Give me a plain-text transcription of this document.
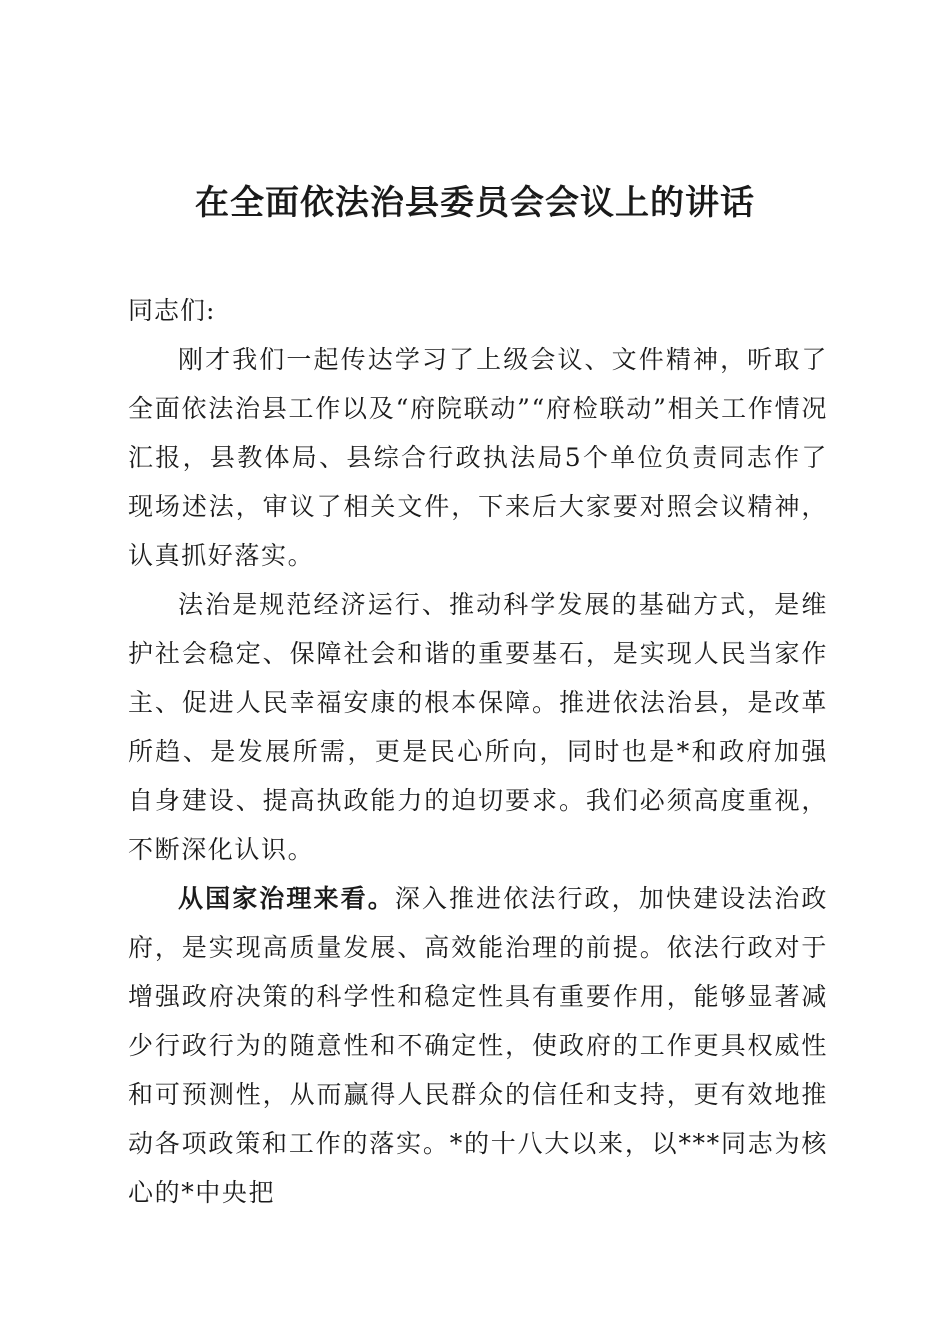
在全面依法治县委员会会议上的讲话

同志们:

刚才我们一起传达学习了上级会议、文件精神，听取了全面依法治县工作以及“府院联动”“府检联动”相关工作情况汇报，县教体局、县综合行政执法局5个单位负责同志作了现场述法，审议了相关文件，下来后大家要对照会议精神，认真抓好落实。

法治是规范经济运行、推动科学发展的基础方式，是维护社会稳定、保障社会和谐的重要基石，是实现人民当家作主、促进人民幸福安康的根本保障。推进依法治县，是改革所趋、是发展所需，更是民心所向，同时也是*和政府加强自身建设、提高执政能力的迫切要求。我们必须高度重视，不断深化认识。

从国家治理来看。深入推进依法行政，加快建设法治政府，是实现高质量发展、高效能治理的前提。依法行政对于增强政府决策的科学性和稳定性具有重要作用，能够显著减少行政行为的随意性和不确定性，使政府的工作更具权威性和可预测性，从而赢得人民群众的信任和支持，更有效地推动各项政策和工作的落实。*的十八大以来，以***同志为核心的*中央把
